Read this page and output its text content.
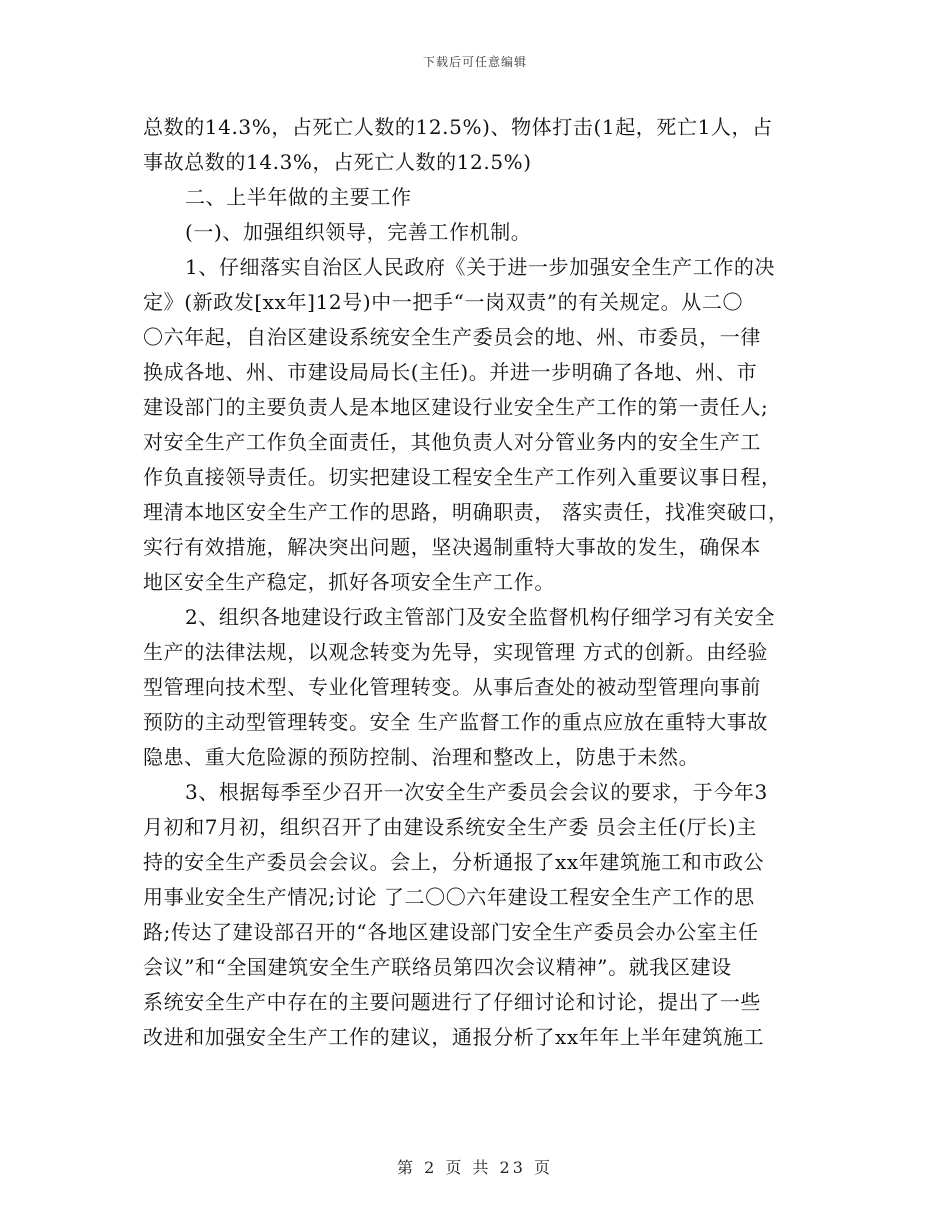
下载后可任意编辑
总数的14.3%，占死亡人数的12.5%)、物体打击(1起，死亡1人，占
事故总数的14.3%，占死亡人数的12.5%)
二、上半年做的主要工作
(一)、加强组织领导，完善工作机制。
1、仔细落实自治区人民政府《关于进一步加强安全生产工作的决
定》(新政发[xx年]12号)中一把手“一岗双责”的有关规定。从二〇
〇六年起，自治区建设系统安全生产委员会的地、州、市委员，一律
换成各地、州、市建设局局长(主任)。并进一步明确了各地、州、市
建设部门的主要负责人是本地区建设行业安全生产工作的第一责任人;
对安全生产工作负全面责任，其他负责人对分管业务内的安全生产工
作负直接领导责任。切实把建设工程安全生产工作列入重要议事日程，
理清本地区安全生产工作的思路，明确职责， 落实责任，找准突破口，
实行有效措施，解决突出问题，坚决遏制重特大事故的发生，确保本
地区安全生产稳定，抓好各项安全生产工作。
2、组织各地建设行政主管部门及安全监督机构仔细学习有关安全
生产的法律法规，以观念转变为先导，实现管理 方式的创新。由经验
型管理向技术型、专业化管理转变。从事后查处的被动型管理向事前
预防的主动型管理转变。安全 生产监督工作的重点应放在重特大事故
隐患、重大危险源的预防控制、治理和整改上，防患于未然。
3、根据每季至少召开一次安全生产委员会会议的要求，于今年3
月初和7月初，组织召开了由建设系统安全生产委 员会主任(厅长)主
持的安全生产委员会会议。会上，分析通报了xx年建筑施工和市政公
用事业安全生产情况;讨论 了二〇〇六年建设工程安全生产工作的思
路;传达了建设部召开的“各地区建设部门安全生产委员会办公室主任
会议”和“全国建筑安全生产联络员第四次会议精神”。就我区建设
系统安全生产中存在的主要问题进行了仔细讨论和讨论，提出了一些
改进和加强安全生产工作的建议，通报分析了xx年年上半年建筑施工
第 2 页 共 23 页
